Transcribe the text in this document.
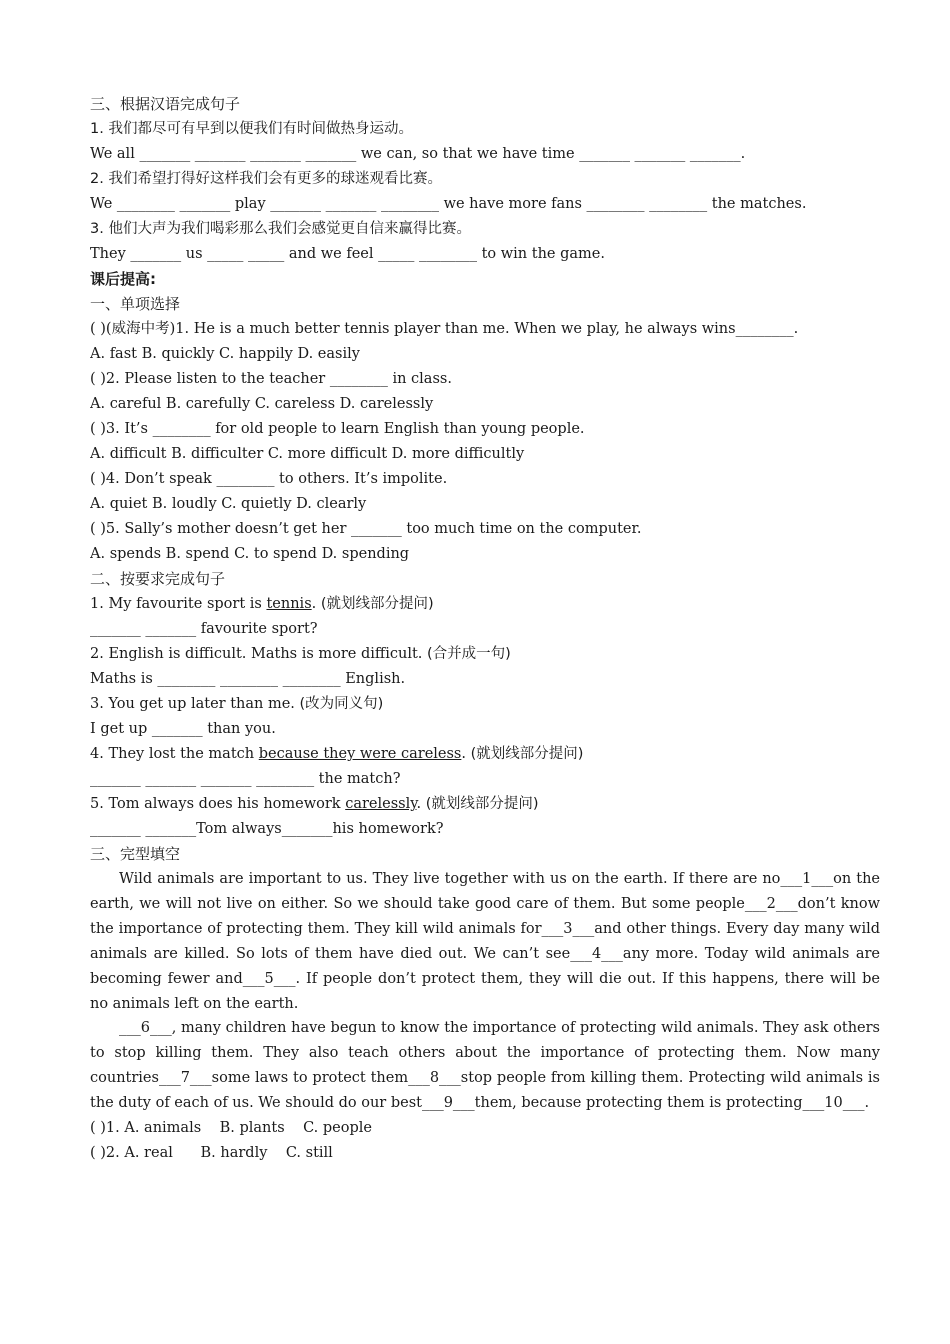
三、根据汉语完成句子
1. 我们都尽可有早到以便我们有时间做热身运动。
We all _______ _______ _______ _______ we can, so that we have time _______ _______ _______.
2. 我们希望打得好这样我们会有更多的球迷观看比赛。
We ________ _______ play _______ _______ ________ we have more fans ________ ________ the matches.
3. 他们大声为我们喝彩那么我们会感觉更自信来赢得比赛。
They _______ us _____ _____ and we feel _____ ________ to win the game.
课后提高:
一、单项选择
( )(威海中考)1. He is a much better tennis player than me. When we play, he always wins________.
A. fast B. quickly C. happily D. easily
( )2. Please listen to the teacher ________ in class.
A. careful B. carefully C. careless D. carelessly
( )3. It’s ________ for old people to learn English than young people.
A. difficult B. difficulter C. more difficult D. more difficultly
( )4. Don’t speak ________ to others. It’s impolite.
A. quiet B. loudly C. quietly D. clearly
( )5. Sally’s mother doesn’t get her _______ too much time on the computer.
A. spends B. spend C. to spend D. spending
二、按要求完成句子
1. My favourite sport is tennis. (就划线部分提问)
_______ _______ favourite sport?
2. English is difficult. Maths is more difficult. (合并成一句)
Maths is ________ ________ ________ English.
3. You get up later than me. (改为同义句)
I get up _______ than you.
4. They lost the match because they were careless. (就划线部分提问)
_______ _______ _______ ________ the match?
5. Tom always does his homework carelessly. (就划线部分提问)
_______ _______Tom always_______his homework?
三、完型填空
Wild animals are important to us. They live together with us on the earth. If there are no___1___on the earth, we will not live on either. So we should take good care of them. But some people___2___don’t know the importance of protecting them. They kill wild animals for___3___and other things. Every day many wild animals are killed. So lots of them have died out. We can’t see___4___any more. Today wild animals are becoming fewer and___5___. If people don’t protect them, they will die out. If this happens, there will be no animals left on the earth.
___6___, many children have begun to know the importance of protecting wild animals. They ask others to stop killing them. They also teach others about the importance of protecting them. Now many countries___7___some laws to protect them___8___stop people from killing them. Protecting wild animals is the duty of each of us. We should do our best___9___them, because protecting them is protecting___10___.
( )1. A. animals    B. plants    C. people
( )2. A. real      B. hardly    C. still
